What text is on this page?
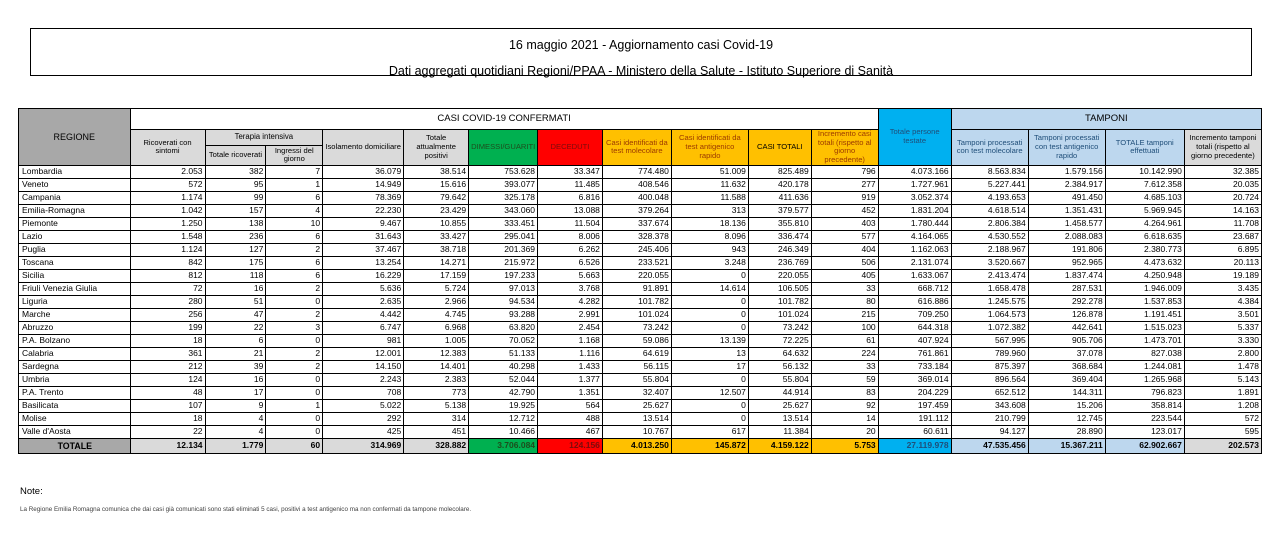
16 maggio 2021 - Aggiornamento casi Covid-19
Dati aggregati quotidiani Regioni/PPAA - Ministero della Salute - Istituto Superiore di Sanità
REGIONE	CASI COVID-19 CONFERMATI											Totale persone testate	TAMPONI			
	Ricoverati con sintomi	Terapia intensiva		Isolamento domiciliare	Totale attualmente positivi	DIMESSI/GUARITI	DECEDUTI	Casi identificati da test molecolare	Casi identificati da test antigenico rapido	CASI TOTALI	Incremento casi totali (rispetto al giorno precedente)		Tamponi processati con test molecolare	Tamponi processati con test antigenico rapido	TOTALE tamponi effettuati	Incremento tamponi totali (rispetto al giorno precedente)
		Totale ricoverati	Ingressi del giorno													
Lombardia	2.053	382	7	36.079	38.514	753.628	33.347	774.480	51.009	825.489	796	4.073.166	8.563.834	1.579.156	10.142.990	32.385
Veneto	572	95	1	14.949	15.616	393.077	11.485	408.546	11.632	420.178	277	1.727.961	5.227.441	2.384.917	7.612.358	20.035
Campania	1.174	99	6	78.369	79.642	325.178	6.816	400.048	11.588	411.636	919	3.052.374	4.193.653	491.450	4.685.103	20.724
Emilia-Romagna	1.042	157	4	22.230	23.429	343.060	13.088	379.264	313	379.577	452	1.831.204	4.618.514	1.351.431	5.969.945	14.163
Piemonte	1.250	138	10	9.467	10.855	333.451	11.504	337.674	18.136	355.810	403	1.780.444	2.806.384	1.458.577	4.264.961	11.708
Lazio	1.548	236	6	31.643	33.427	295.041	8.006	328.378	8.096	336.474	577	4.164.065	4.530.552	2.088.083	6.618.635	23.687
Puglia	1.124	127	2	37.467	38.718	201.369	6.262	245.406	943	246.349	404	1.162.063	2.188.967	191.806	2.380.773	6.895
Toscana	842	175	6	13.254	14.271	215.972	6.526	233.521	3.248	236.769	506	2.131.074	3.520.667	952.965	4.473.632	20.113
Sicilia	812	118	6	16.229	17.159	197.233	5.663	220.055	0	220.055	405	1.633.067	2.413.474	1.837.474	4.250.948	19.189
Friuli Venezia Giulia	72	16	2	5.636	5.724	97.013	3.768	91.891	14.614	106.505	33	668.712	1.658.478	287.531	1.946.009	3.435
Liguria	280	51	0	2.635	2.966	94.534	4.282	101.782	0	101.782	80	616.886	1.245.575	292.278	1.537.853	4.384
Marche	256	47	2	4.442	4.745	93.288	2.991	101.024	0	101.024	215	709.250	1.064.573	126.878	1.191.451	3.501
Abruzzo	199	22	3	6.747	6.968	63.820	2.454	73.242	0	73.242	100	644.318	1.072.382	442.641	1.515.023	5.337
P.A. Bolzano	18	6	0	981	1.005	70.052	1.168	59.086	13.139	72.225	61	407.924	567.995	905.706	1.473.701	3.330
Calabria	361	21	2	12.001	12.383	51.133	1.116	64.619	13	64.632	224	761.861	789.960	37.078	827.038	2.800
Sardegna	212	39	2	14.150	14.401	40.298	1.433	56.115	17	56.132	33	733.184	875.397	368.684	1.244.081	1.478
Umbria	124	16	0	2.243	2.383	52.044	1.377	55.804	0	55.804	59	369.014	896.564	369.404	1.265.968	5.143
P.A. Trento	48	17	0	708	773	42.790	1.351	32.407	12.507	44.914	83	204.229	652.512	144.311	796.823	1.891
Basilicata	107	9	1	5.022	5.138	19.925	564	25.627	0	25.627	92	197.459	343.608	15.206	358.814	1.208
Molise	18	4	0	292	314	12.712	488	13.514	0	13.514	14	191.112	210.799	12.745	223.544	572
Valle d'Aosta	22	4	0	425	451	10.466	467	10.767	617	11.384	20	60.611	94.127	28.890	123.017	595
TOTALE	12.134	1.779	60	314.969	328.882	3.706.084	124.156	4.013.250	145.872	4.159.122	5.753	27.119.978	47.535.456	15.367.211	62.902.667	202.573
Note:
La Regione Emilia Romagna comunica che dai casi già comunicati sono stati eliminati 5 casi, positivi a test antigenico ma non confermati da tampone molecolare.
